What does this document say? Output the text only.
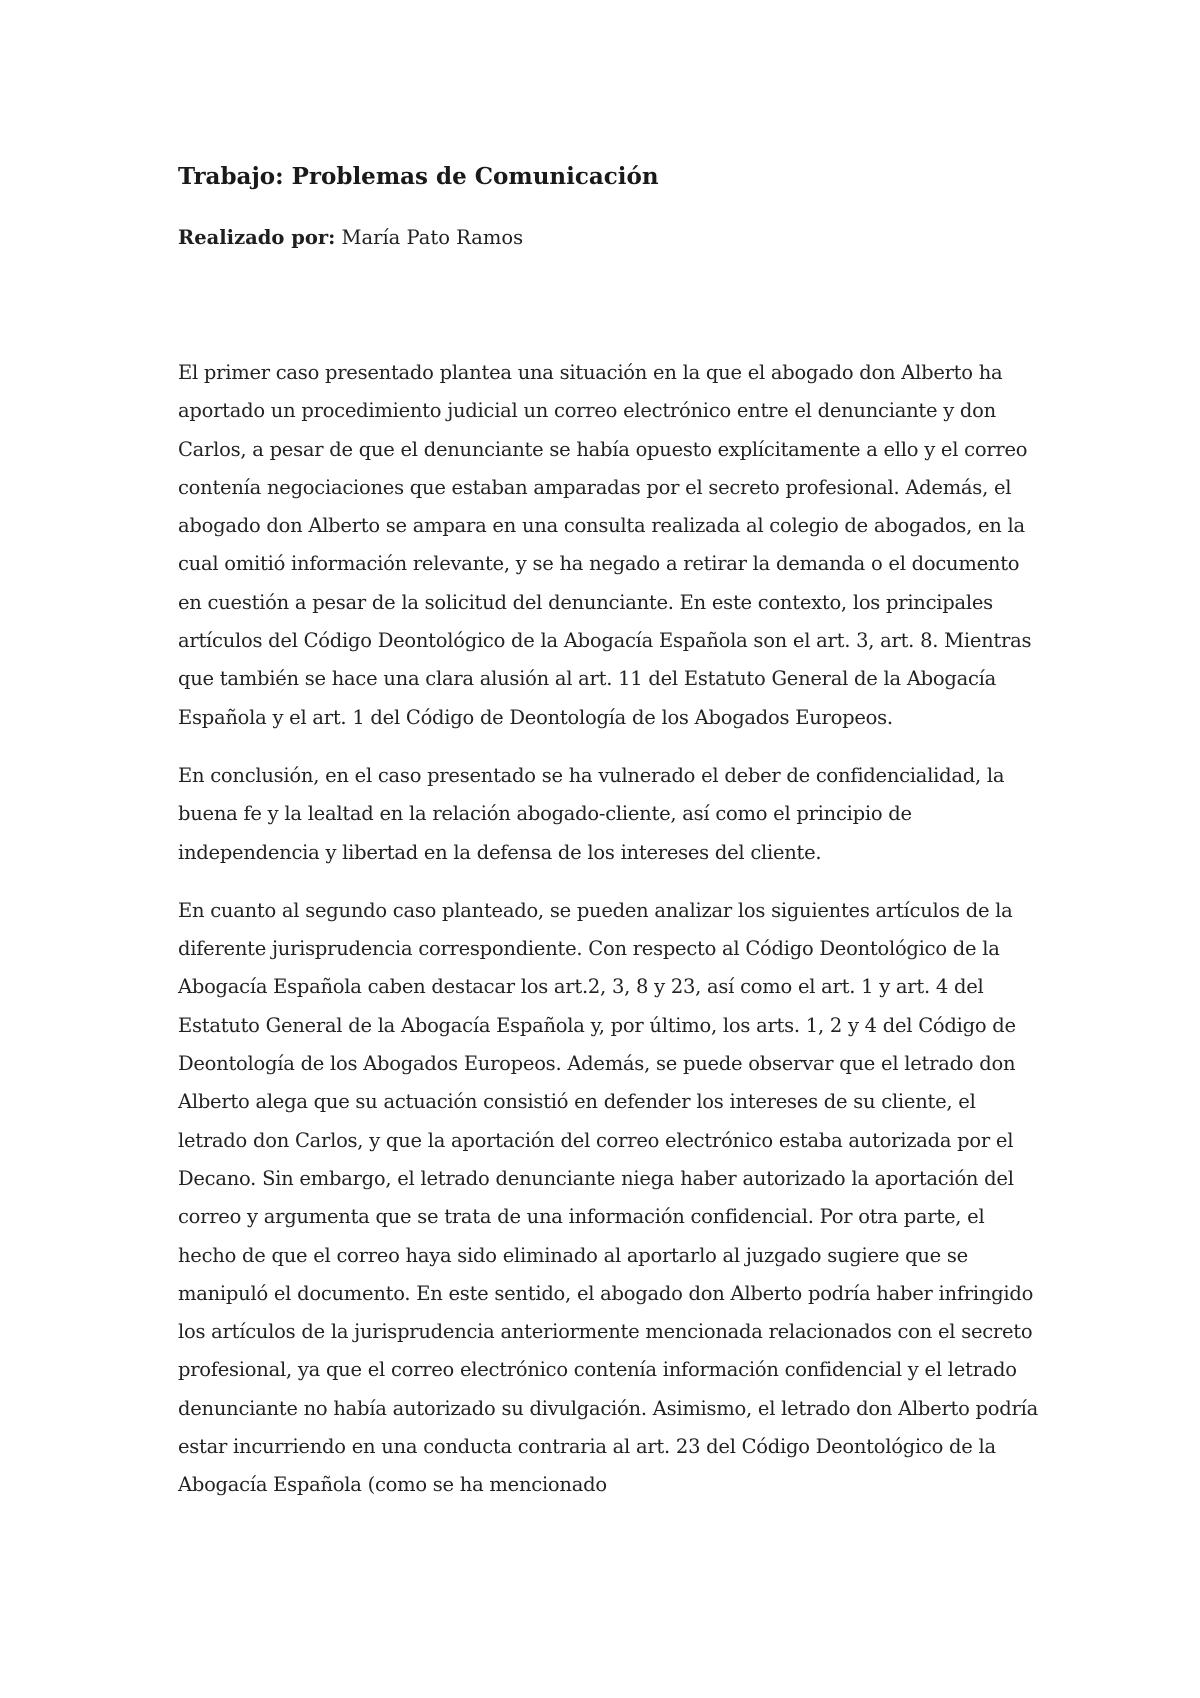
Trabajo: Problemas de Comunicación

Realizado por: María Pato Ramos

El primer caso presentado plantea una situación en la que el abogado don Alberto ha aportado un procedimiento judicial un correo electrónico entre el denunciante y don Carlos, a pesar de que el denunciante se había opuesto explícitamente a ello y el correo contenía negociaciones que estaban amparadas por el secreto profesional. Además, el abogado don Alberto se ampara en una consulta realizada al colegio de abogados, en la cual omitió información relevante, y se ha negado a retirar la demanda o el documento en cuestión a pesar de la solicitud del denunciante. En este contexto, los principales artículos del Código Deontológico de la Abogacía Española son el art. 3, art. 8. Mientras que también se hace una clara alusión al art. 11 del Estatuto General de la Abogacía Española y el art. 1 del Código de Deontología de los Abogados Europeos.

En conclusión, en el caso presentado se ha vulnerado el deber de confidencialidad, la buena fe y la lealtad en la relación abogado-cliente, así como el principio de independencia y libertad en la defensa de los intereses del cliente.

En cuanto al segundo caso planteado, se pueden analizar los siguientes artículos de la diferente jurisprudencia correspondiente. Con respecto al Código Deontológico de la Abogacía Española caben destacar los art.2, 3, 8 y 23, así como el art. 1 y art. 4 del Estatuto General de la Abogacía Española y, por último, los arts. 1, 2 y 4 del Código de Deontología de los Abogados Europeos. Además, se puede observar que el letrado don Alberto alega que su actuación consistió en defender los intereses de su cliente, el letrado don Carlos, y que la aportación del correo electrónico estaba autorizada por el Decano. Sin embargo, el letrado denunciante niega haber autorizado la aportación del correo y argumenta que se trata de una información confidencial. Por otra parte, el hecho de que el correo haya sido eliminado al aportarlo al juzgado sugiere que se manipuló el documento. En este sentido, el abogado don Alberto podría haber infringido los artículos de la jurisprudencia anteriormente mencionada relacionados con el secreto profesional, ya que el correo electrónico contenía información confidencial y el letrado denunciante no había autorizado su divulgación. Asimismo, el letrado don Alberto podría estar incurriendo en una conducta contraria al art. 23 del Código Deontológico de la Abogacía Española (como se ha mencionado
